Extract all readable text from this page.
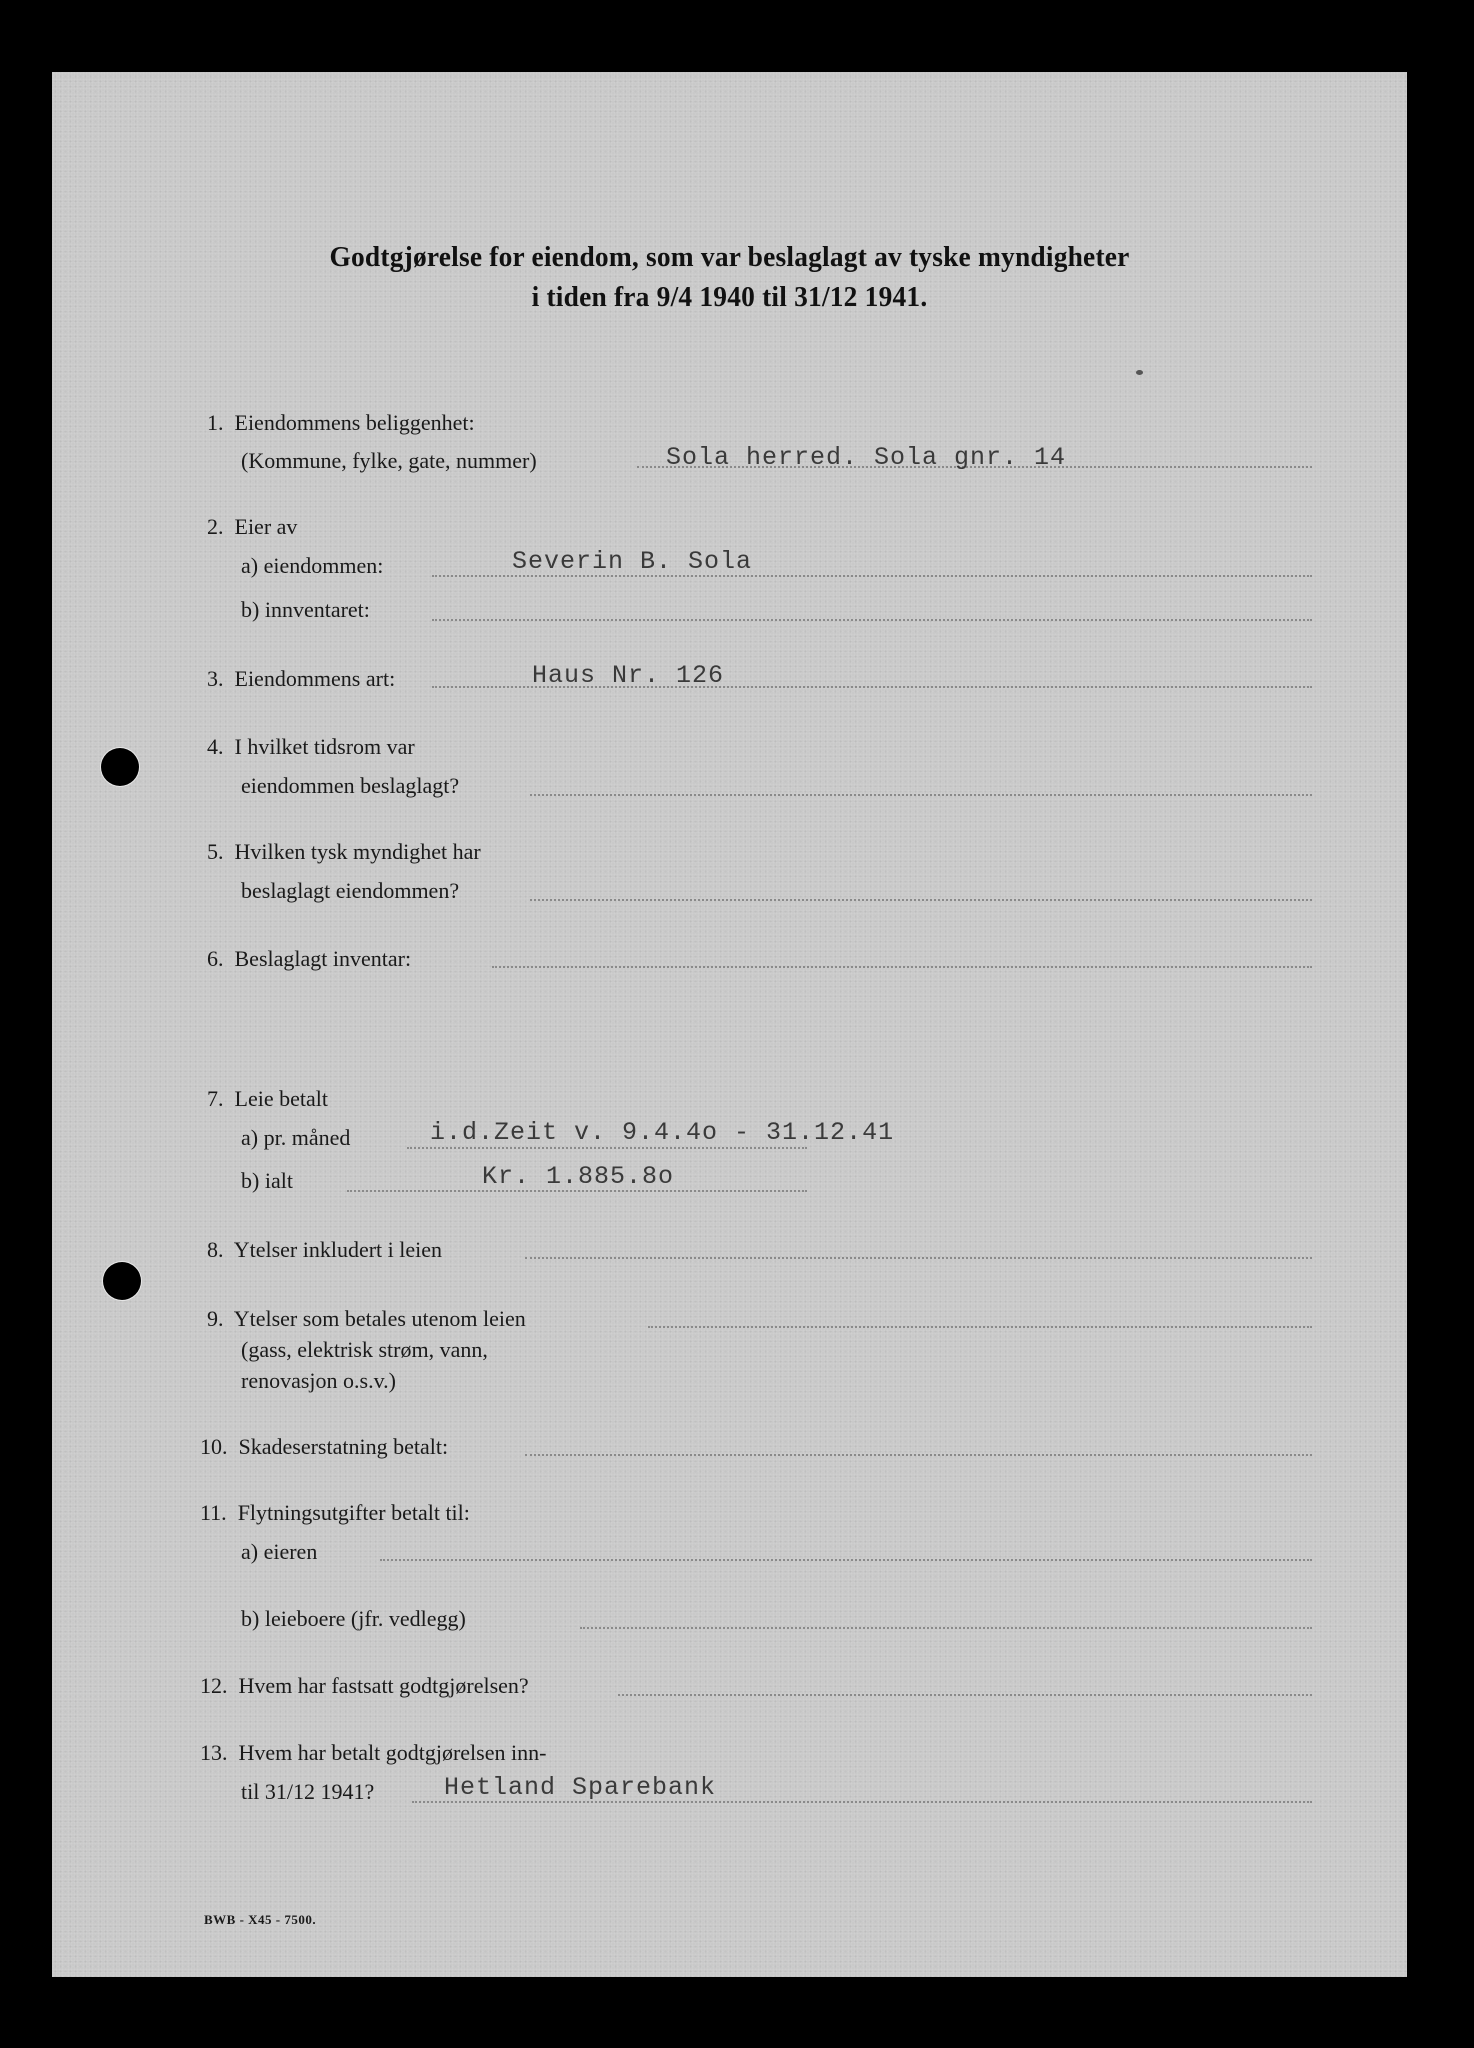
Godtgjørelse for eiendom, som var beslaglagt av tyske myndigheter
i tiden fra 9/4 1940 til 31/12 1941.
1. Eiendommens beliggenhet:
(Kommune, fylke, gate, nummer)	Sola herred. Sola gnr. 14
2. Eier av
a) eiendommen:	Severin B. Sola
b) innventaret:
3. Eiendommens art:	Haus Nr. 126
4. I hvilket tidsrom var
eiendommen beslaglagt?
5. Hvilken tysk myndighet har
beslaglagt eiendommen?
6. Beslaglagt inventar:
7. Leie betalt
a) pr. måned	i.d.Zeit v. 9.4.4o - 31.12.41
b) ialt	Kr. 1.885.8o
8. Ytelser inkludert i leien
9. Ytelser som betales utenom leien
(gass, elektrisk strøm, vann,
renovasjon o.s.v.)
10. Skadeserstatning betalt:
11. Flytningsutgifter betalt til:
a) eieren
b) leieboere (jfr. vedlegg)
12. Hvem har fastsatt godtgjørelsen?
13. Hvem har betalt godtgjørelsen inn-
til 31/12 1941?	Hetland Sparebank
BWB - X45 - 7500.
